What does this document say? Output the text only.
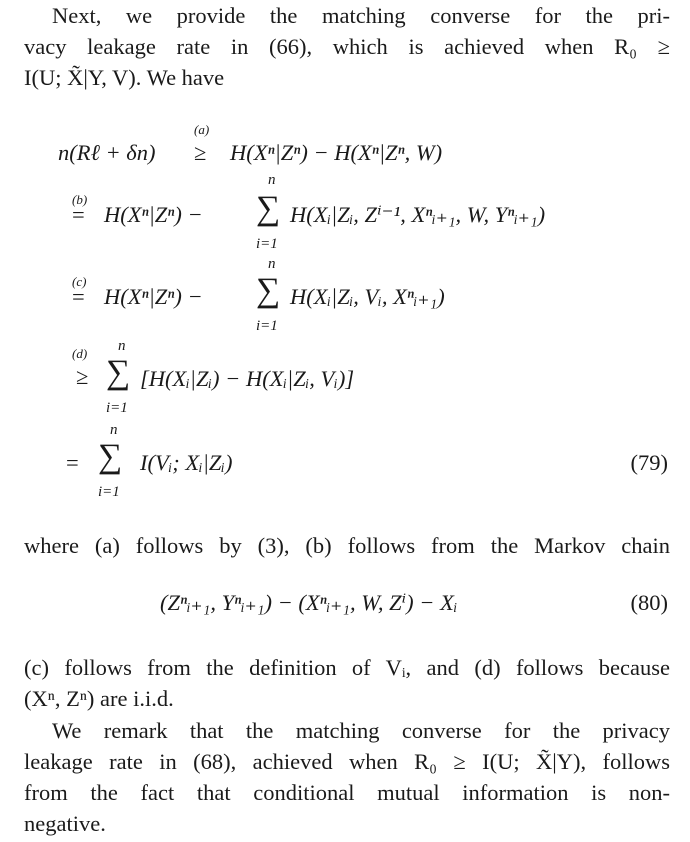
Next, we provide the matching converse for the pri-
vacy leakage rate in (66), which is achieved when R₀ ≥
I(U; X̃|Y, V). We have
n(Rℓ + δn)
(a)
≥ H(Xⁿ|Zⁿ) − H(Xⁿ|Zⁿ, W)
(b)
= H(Xⁿ|Zⁿ) −
n
∑
i=1
H(Xᵢ|Zᵢ, Zⁱ⁻¹, Xⁿᵢ₊₁, W, Yⁿᵢ₊₁)
(c)
= H(Xⁿ|Zⁿ) −
n
∑
i=1
H(Xᵢ|Zᵢ, Vᵢ, Xⁿᵢ₊₁)
(d)
≥
n
∑
i=1
[H(Xᵢ|Zᵢ) − H(Xᵢ|Zᵢ, Vᵢ)]
=
n
∑
i=1
I(Vᵢ; Xᵢ|Zᵢ)	(79)
where (a) follows by (3), (b) follows from the Markov chain
(Zⁿᵢ₊₁, Yⁿᵢ₊₁) − (Xⁿᵢ₊₁, W, Zⁱ) − Xᵢ	(80)
(c) follows from the definition of Vᵢ, and (d) follows because
(Xⁿ, Zⁿ) are i.i.d.
We remark that the matching converse for the privacy
leakage rate in (68), achieved when R₀ ≥ I(U; X̃|Y), follows
from the fact that conditional mutual information is non-
negative.
